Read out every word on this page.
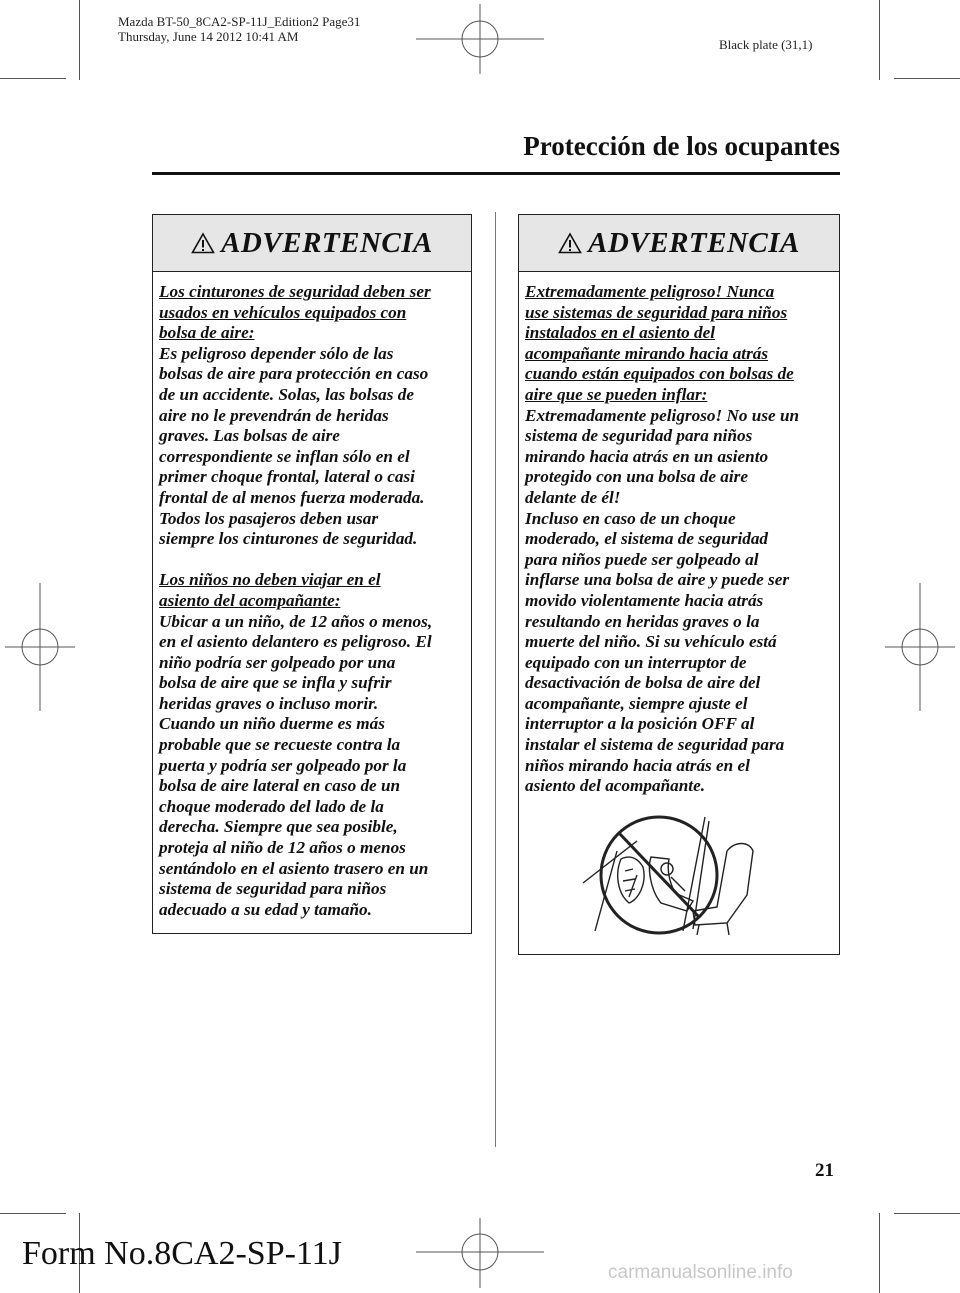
Mazda BT-50_8CA2-SP-11J_Edition2 Page31
Thursday, June 14 2012 10:41 AM
Black plate (31,1)
Protección de los ocupantes
ADVERTENCIA

Los cinturones de seguridad deben ser
usados en vehículos equipados con
bolsa de aire:

Es peligroso depender sólo de las
bolsas de aire para protección en caso
de un accidente. Solas, las bolsas de
aire no le prevendrán de heridas
graves. Las bolsas de aire
correspondiente se inflan sólo en el
primer choque frontal, lateral o casi
frontal de al menos fuerza moderada.
Todos los pasajeros deben usar
siempre los cinturones de seguridad.

Los niños no deben viajar en el
asiento del acompañante:

Ubicar a un niño, de 12 años o menos,
en el asiento delantero es peligroso. El
niño podría ser golpeado por una
bolsa de aire que se infla y sufrir
heridas graves o incluso morir.
Cuando un niño duerme es más
probable que se recueste contra la
puerta y podría ser golpeado por la
bolsa de aire lateral en caso de un
choque moderado del lado de la
derecha. Siempre que sea posible,
proteja al niño de 12 años o menos
sentándolo en el asiento trasero en un
sistema de seguridad para niños
adecuado a su edad y tamaño.

ADVERTENCIA

Extremadamente peligroso! Nunca
use sistemas de seguridad para niños
instalados en el asiento del
acompañante mirando hacia atrás
cuando están equipados con bolsas de
aire que se pueden inflar:

Extremadamente peligroso! No use un
sistema de seguridad para niños
mirando hacia atrás en un asiento
protegido con una bolsa de aire
delante de él!
Incluso en caso de un choque
moderado, el sistema de seguridad
para niños puede ser golpeado al
inflarse una bolsa de aire y puede ser
movido violentamente hacia atrás
resultando en heridas graves o la
muerte del niño. Si su vehículo está
equipado con un interruptor de
desactivación de bolsa de aire del
acompañante, siempre ajuste el
interruptor a la posición OFF al
instalar el sistema de seguridad para
niños mirando hacia atrás en el
asiento del acompañante.

21
Form No.8CA2-SP-11J
carmanualsonline.info
